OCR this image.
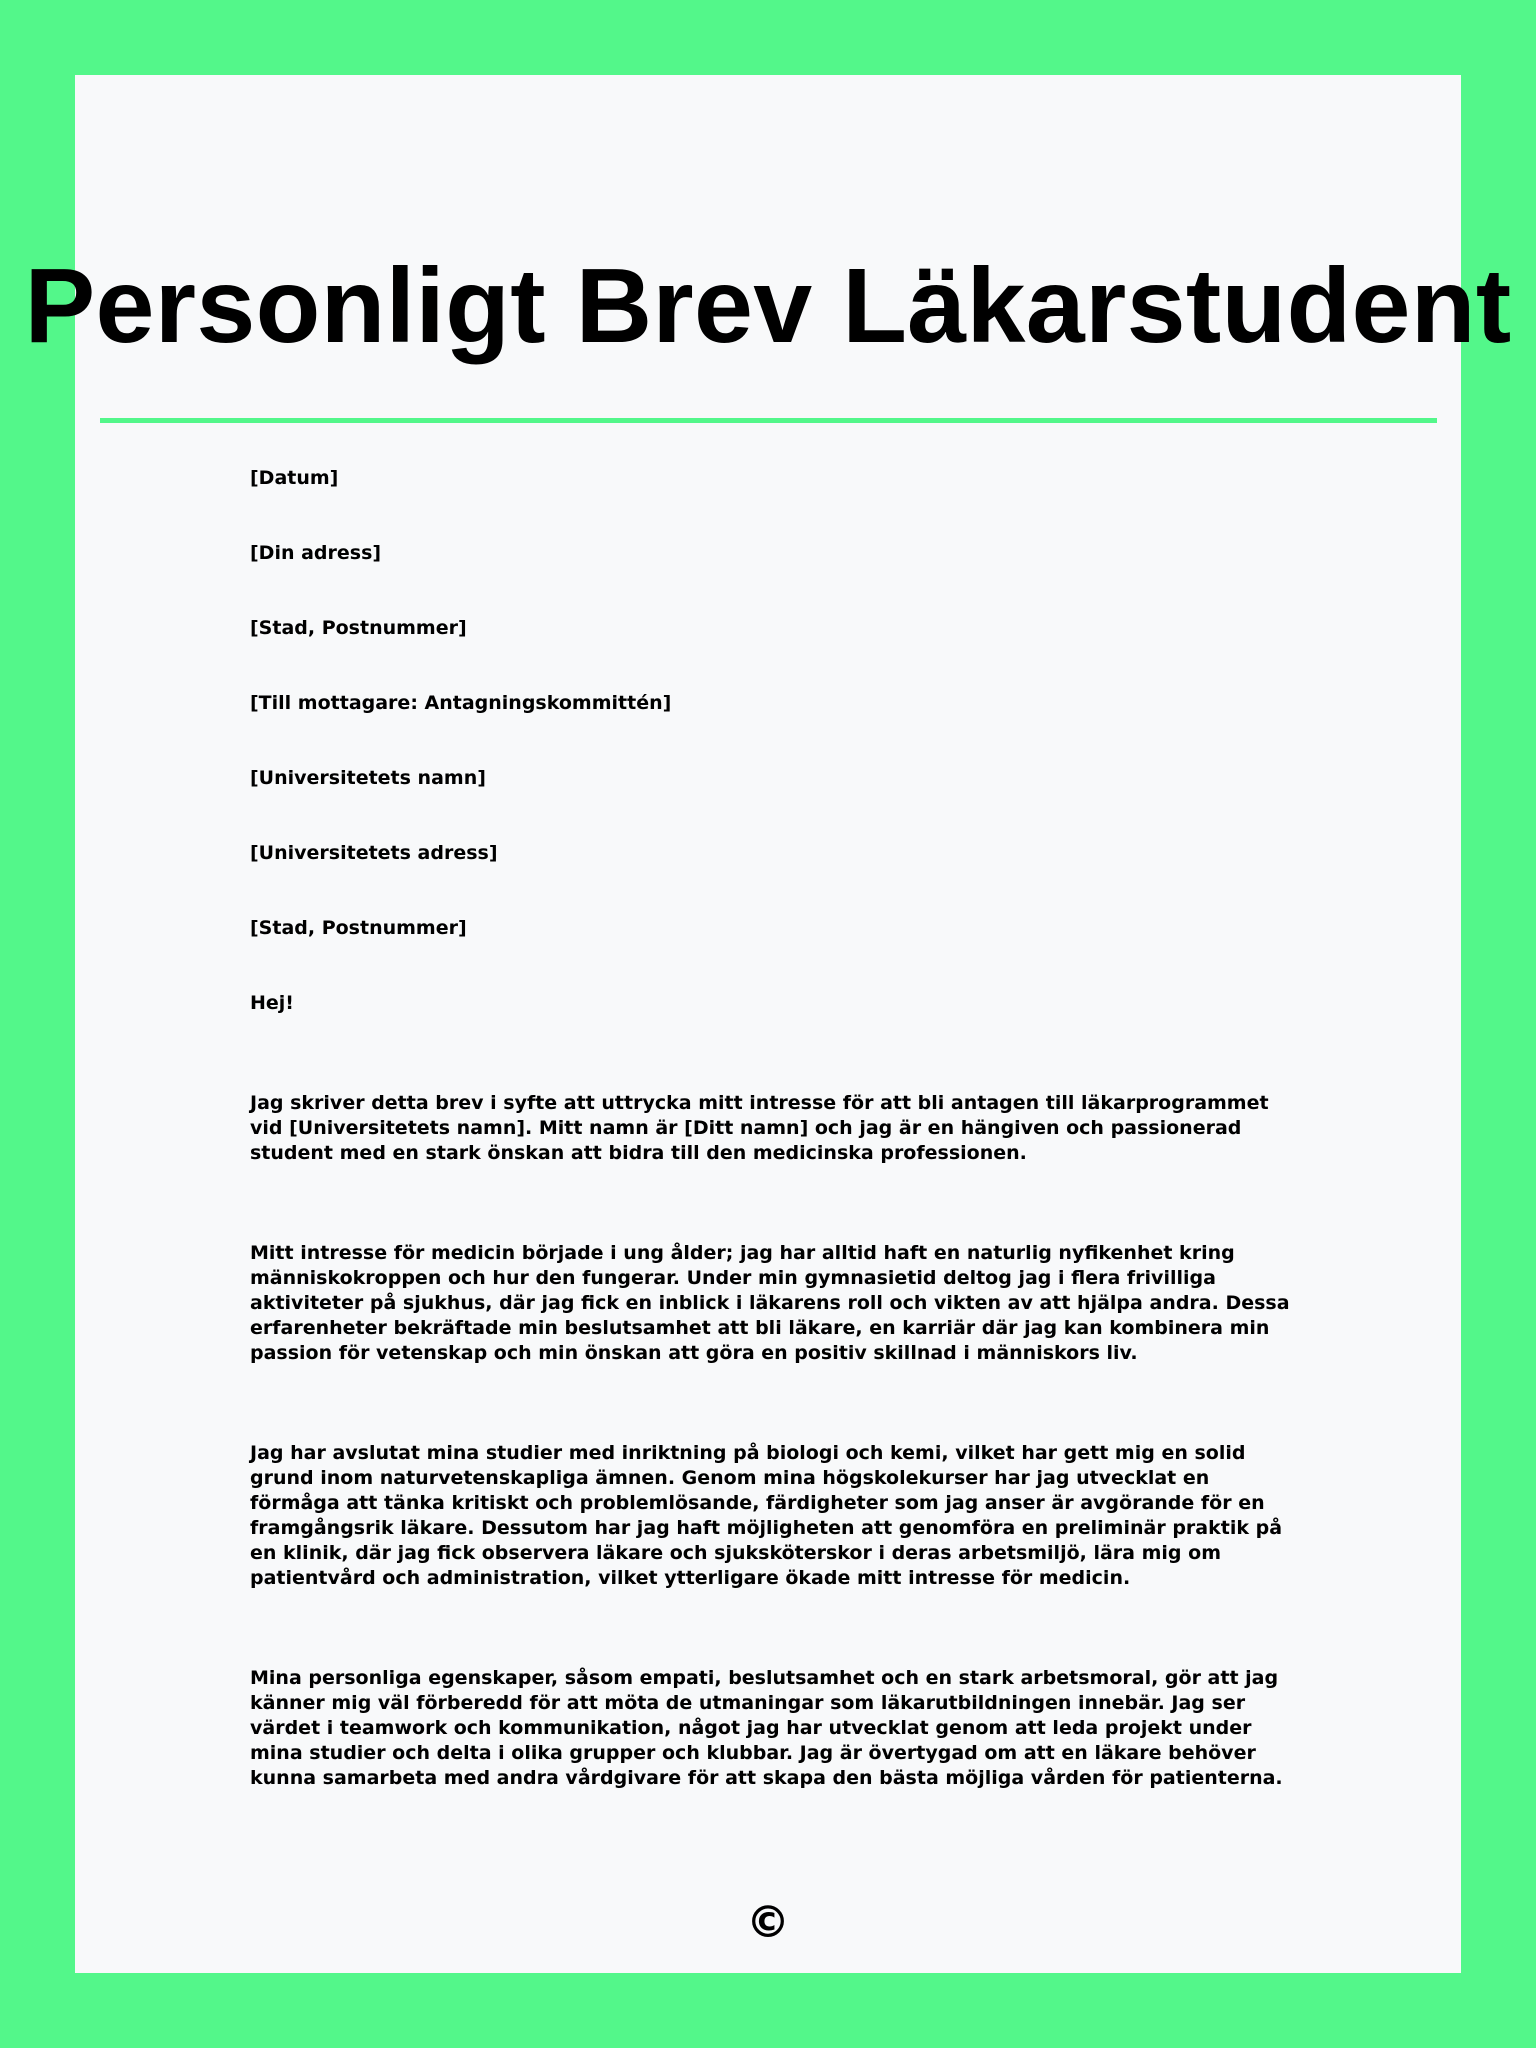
Personligt Brev Läkarstudent
[Datum]
[Din adress]
[Stad, Postnummer]
[Till mottagare: Antagningskommittén]
[Universitetets namn]
[Universitetets adress]
[Stad, Postnummer]

Hej!

Jag skriver detta brev i syfte att uttrycka mitt intresse för att bli antagen till läkarprogrammet vid [Universitetets namn]. Mitt namn är [Ditt namn] och jag är en hängiven och passionerad student med en stark önskan att bidra till den medicinska professionen.

Mitt intresse för medicin började i ung ålder; jag har alltid haft en naturlig nyfikenhet kring människokroppen och hur den fungerar. Under min gymnasietid deltog jag i flera frivilliga aktiviteter på sjukhus, där jag fick en inblick i läkarens roll och vikten av att hjälpa andra. Dessa erfarenheter bekräftade min beslutsamhet att bli läkare, en karriär där jag kan kombinera min passion för vetenskap och min önskan att göra en positiv skillnad i människors liv.

Jag har avslutat mina studier med inriktning på biologi och kemi, vilket har gett mig en solid grund inom naturvetenskapliga ämnen. Genom mina högskolekurser har jag utvecklat en förmåga att tänka kritiskt och problemlösande, färdigheter som jag anser är avgörande för en framgångsrik läkare. Dessutom har jag haft möjligheten att genomföra en preliminär praktik på en klinik, där jag fick observera läkare och sjuksköterskor i deras arbetsmiljö, lära mig om patientvård och administration, vilket ytterligare ökade mitt intresse för medicin.

Mina personliga egenskaper, såsom empati, beslutsamhet och en stark arbetsmoral, gör att jag känner mig väl förberedd för att möta de utmaningar som läkarutbildningen innebär. Jag ser värdet i teamwork och kommunikation, något jag har utvecklat genom att leda projekt under mina studier och delta i olika grupper och klubbar. Jag är övertygad om att en läkare behöver kunna samarbeta med andra vårdgivare för att skapa den bästa möjliga vården för patienterna.

©
